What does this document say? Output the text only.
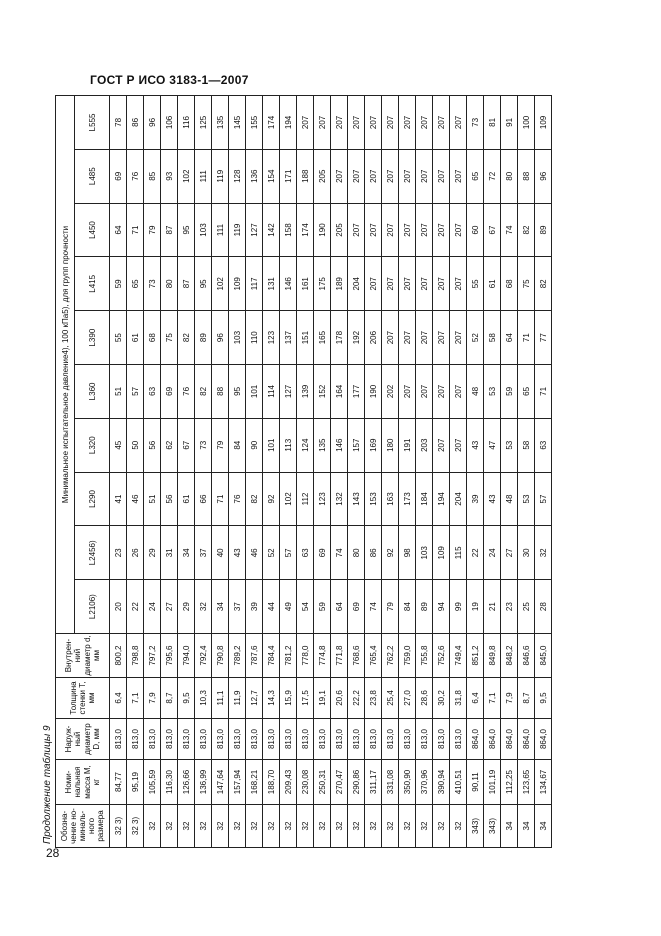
ГОСТ Р ИСО 3183-1—2007
Продолжение таблицы 9 Обозна-чение но-миналь-ного размера	Номи-нальная масса М, кг	Наруж-ный диаметр D, мм	Толщина стенки Т, мм	Внутрен-ний диаметр d, мм	Минимальное испытательное давление4), 100 кПа5), для групп прочности									
					L2106)	L2456)	L290	L320	L360	L390	L415	L450	L485	L555

32 3)	84,77	813,0	6,4	800,2	20	23	41	45	51	55	59	64	69	78
32 3)	95,19	813,0	7,1	798,8	22	26	46	50	57	61	65	71	76	86
32	105,59	813,0	7,9	797,2	24	29	51	56	63	68	73	79	85	96
32	116,30	813,0	8,7	795,6	27	31	56	62	69	75	80	87	93	106
32	126,66	813,0	9,5	794,0	29	34	61	67	76	82	87	95	102	116
32	136,99	813,0	10,3	792,4	32	37	66	73	82	89	95	103	111	125
32	147,64	813,0	11,1	790,8	34	40	71	79	88	96	102	111	119	135
32	157,94	813,0	11,9	789,2	37	43	76	84	95	103	109	119	128	145
32	168,21	813,0	12,7	787,6	39	46	82	90	101	110	117	127	136	155
32	188,70	813,0	14,3	784,4	44	52	92	101	114	123	131	142	154	174
32	209,43	813,0	15,9	781,2	49	57	102	113	127	137	146	158	171	194
32	230,08	813,0	17,5	778,0	54	63	112	124	139	151	161	174	188	207
32	250,31	813,0	19,1	774,8	59	69	123	135	152	165	175	190	205	207
32	270,47	813,0	20,6	771,8	64	74	132	146	164	178	189	205	207	207
32	290,86	813,0	22,2	768,6	69	80	143	157	177	192	204	207	207	207
32	311,17	813,0	23,8	765,4	74	86	153	169	190	206	207	207	207	207
32	331,08	813,0	25,4	762,2	79	92	163	180	202	207	207	207	207	207
32	350,90	813,0	27,0	759,0	84	98	173	191	207	207	207	207	207	207
32	370,96	813,0	28,6	755,8	89	103	184	203	207	207	207	207	207	207
32	390,94	813,0	30,2	752,6	94	109	194	207	207	207	207	207	207	207
32	410,51	813,0	31,8	749,4	99	115	204	207	207	207	207	207	207	207
343)	90,11	864,0	6,4	851,2	19	22	39	43	48	52	55	60	65	73
343)	101,19	864,0	7,1	849,8	21	24	43	47	53	58	61	67	72	81
34	112,25	864,0	7,9	848,2	23	27	48	53	59	64	68	74	80	91
34	123,65	864,0	8,7	846,6	25	30	53	58	65	71	75	82	88	100
34	134,67	864,0	9,5	845,0	28	32	57	63	71	77	82	89	96	109
28
